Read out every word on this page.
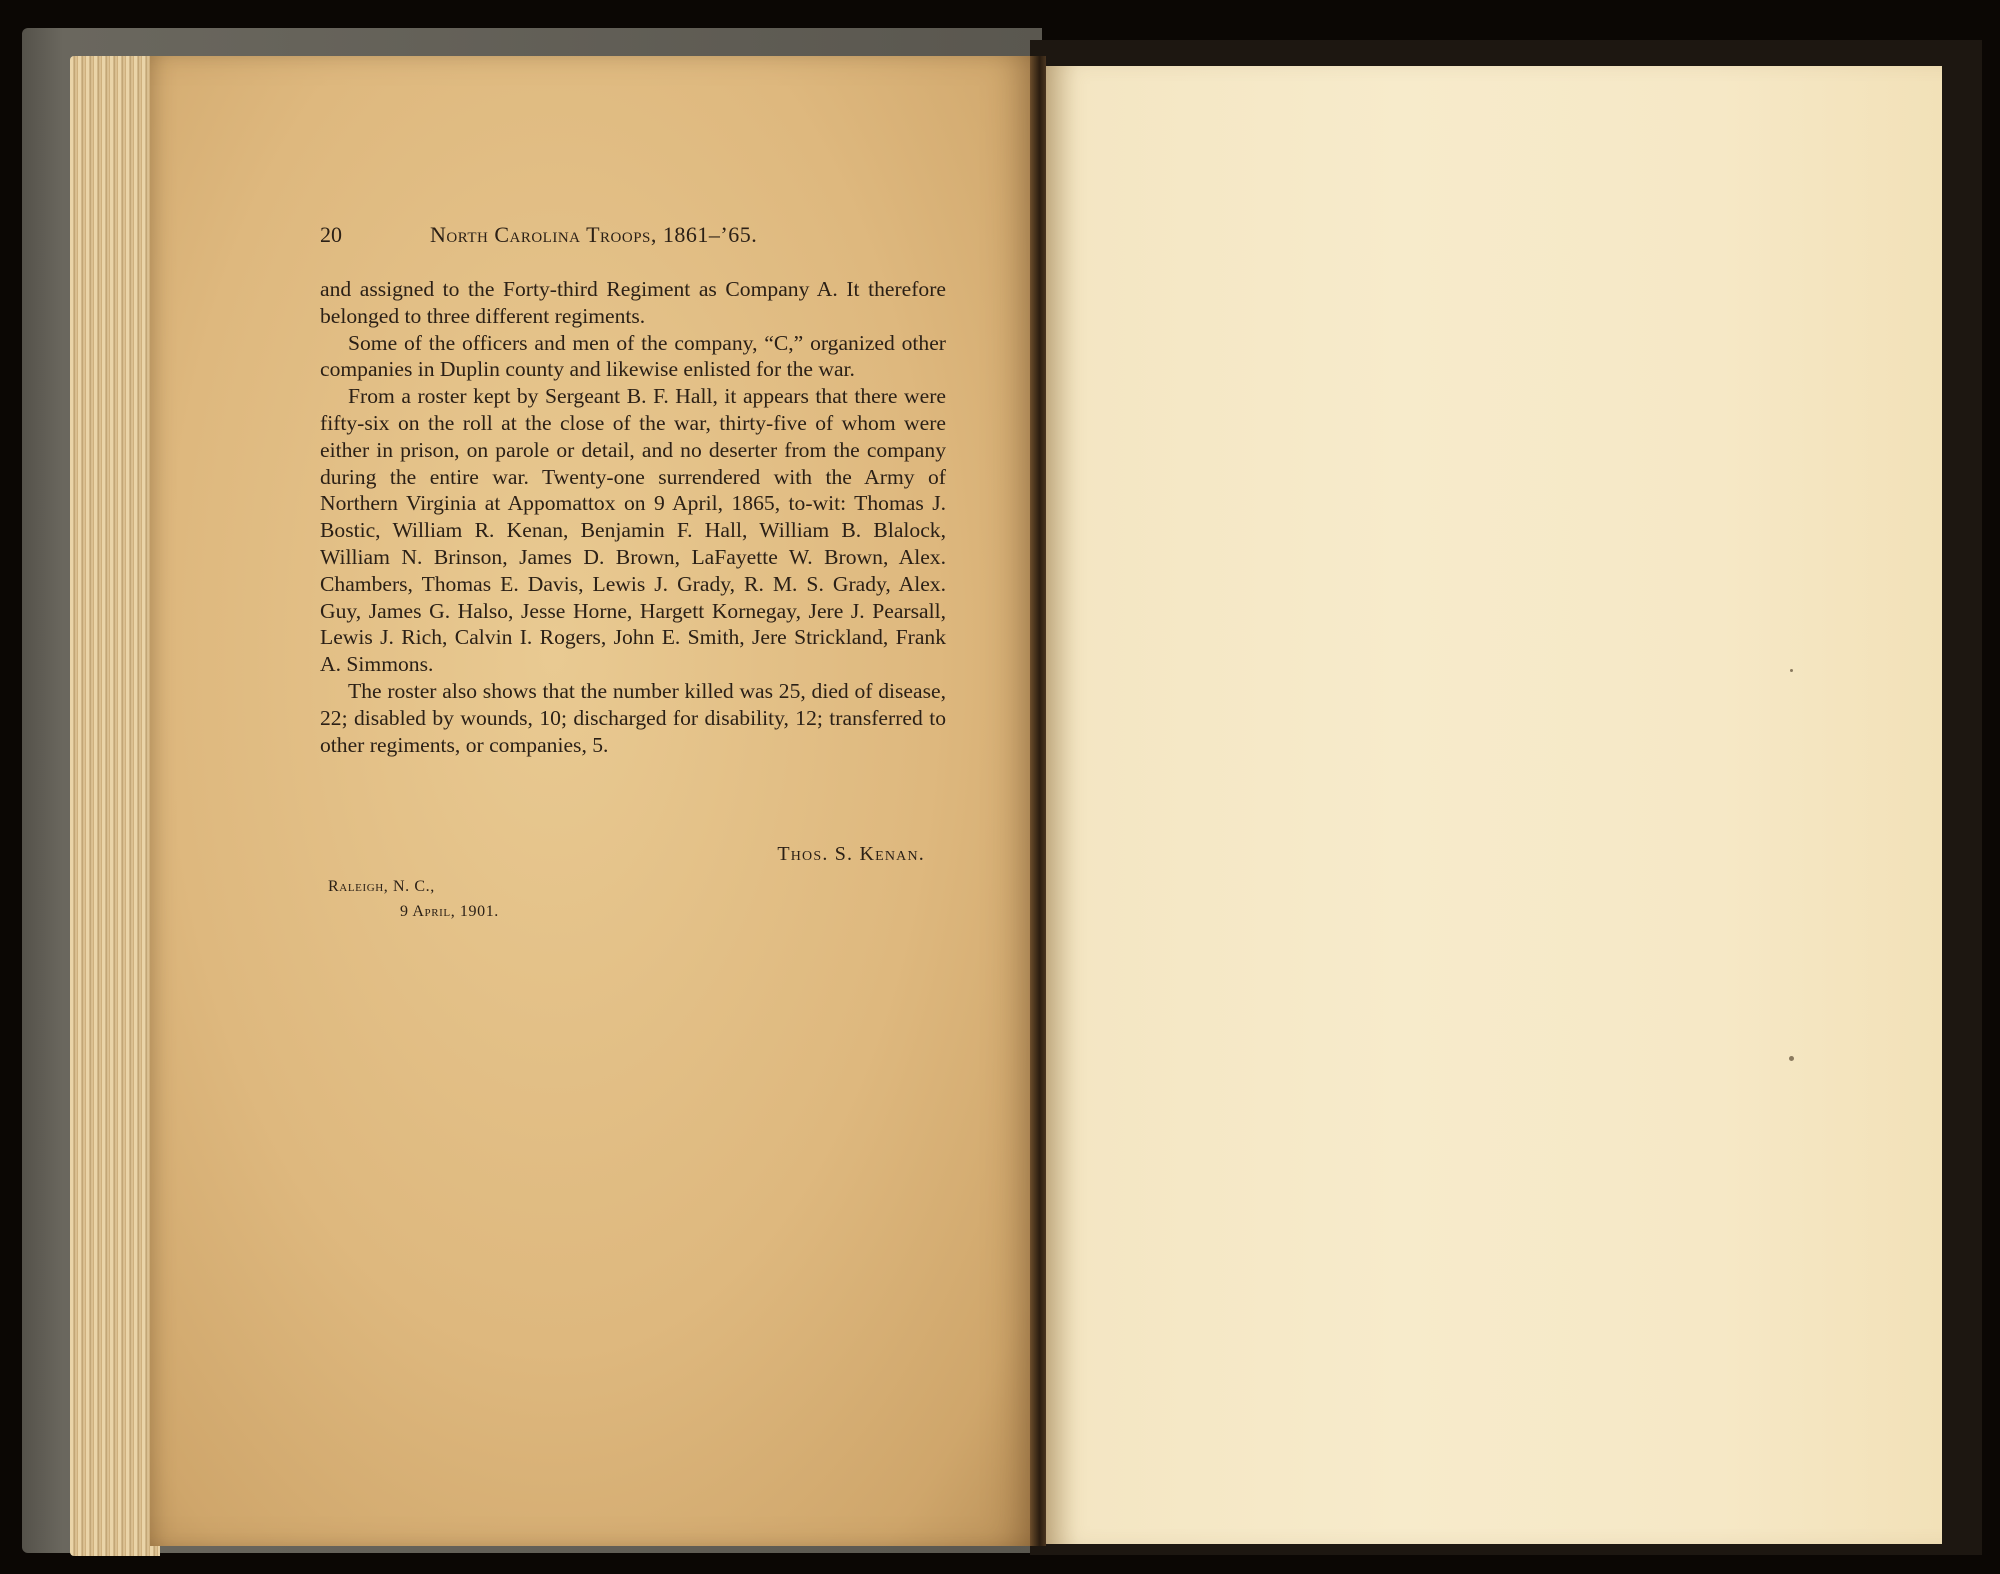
20	North Carolina Troops, 1861–’65.

and assigned to the Forty-third Regiment as Company A. It therefore belonged to three different regiments.

Some of the officers and men of the company, “C,” organized other companies in Duplin county and likewise enlisted for the war.

From a roster kept by Sergeant B. F. Hall, it appears that there were fifty-six on the roll at the close of the war, thirty-five of whom were either in prison, on parole or detail, and no deserter from the company during the entire war. Twenty-one surrendered with the Army of Northern Virginia at Appomattox on 9 April, 1865, to-wit: Thomas J. Bostic, William R. Kenan, Benjamin F. Hall, William B. Blalock, William N. Brinson, James D. Brown, LaFayette W. Brown, Alex. Chambers, Thomas E. Davis, Lewis J. Grady, R. M. S. Grady, Alex. Guy, James G. Halso, Jesse Horne, Hargett Kornegay, Jere J. Pearsall, Lewis J. Rich, Calvin I. Rogers, John E. Smith, Jere Strickland, Frank A. Simmons.

The roster also shows that the number killed was 25, died of disease, 22; disabled by wounds, 10; discharged for disability, 12; transferred to other regiments, or companies, 5.

Thos. S. Kenan.
Raleigh, N. C.,
9 April, 1901.
